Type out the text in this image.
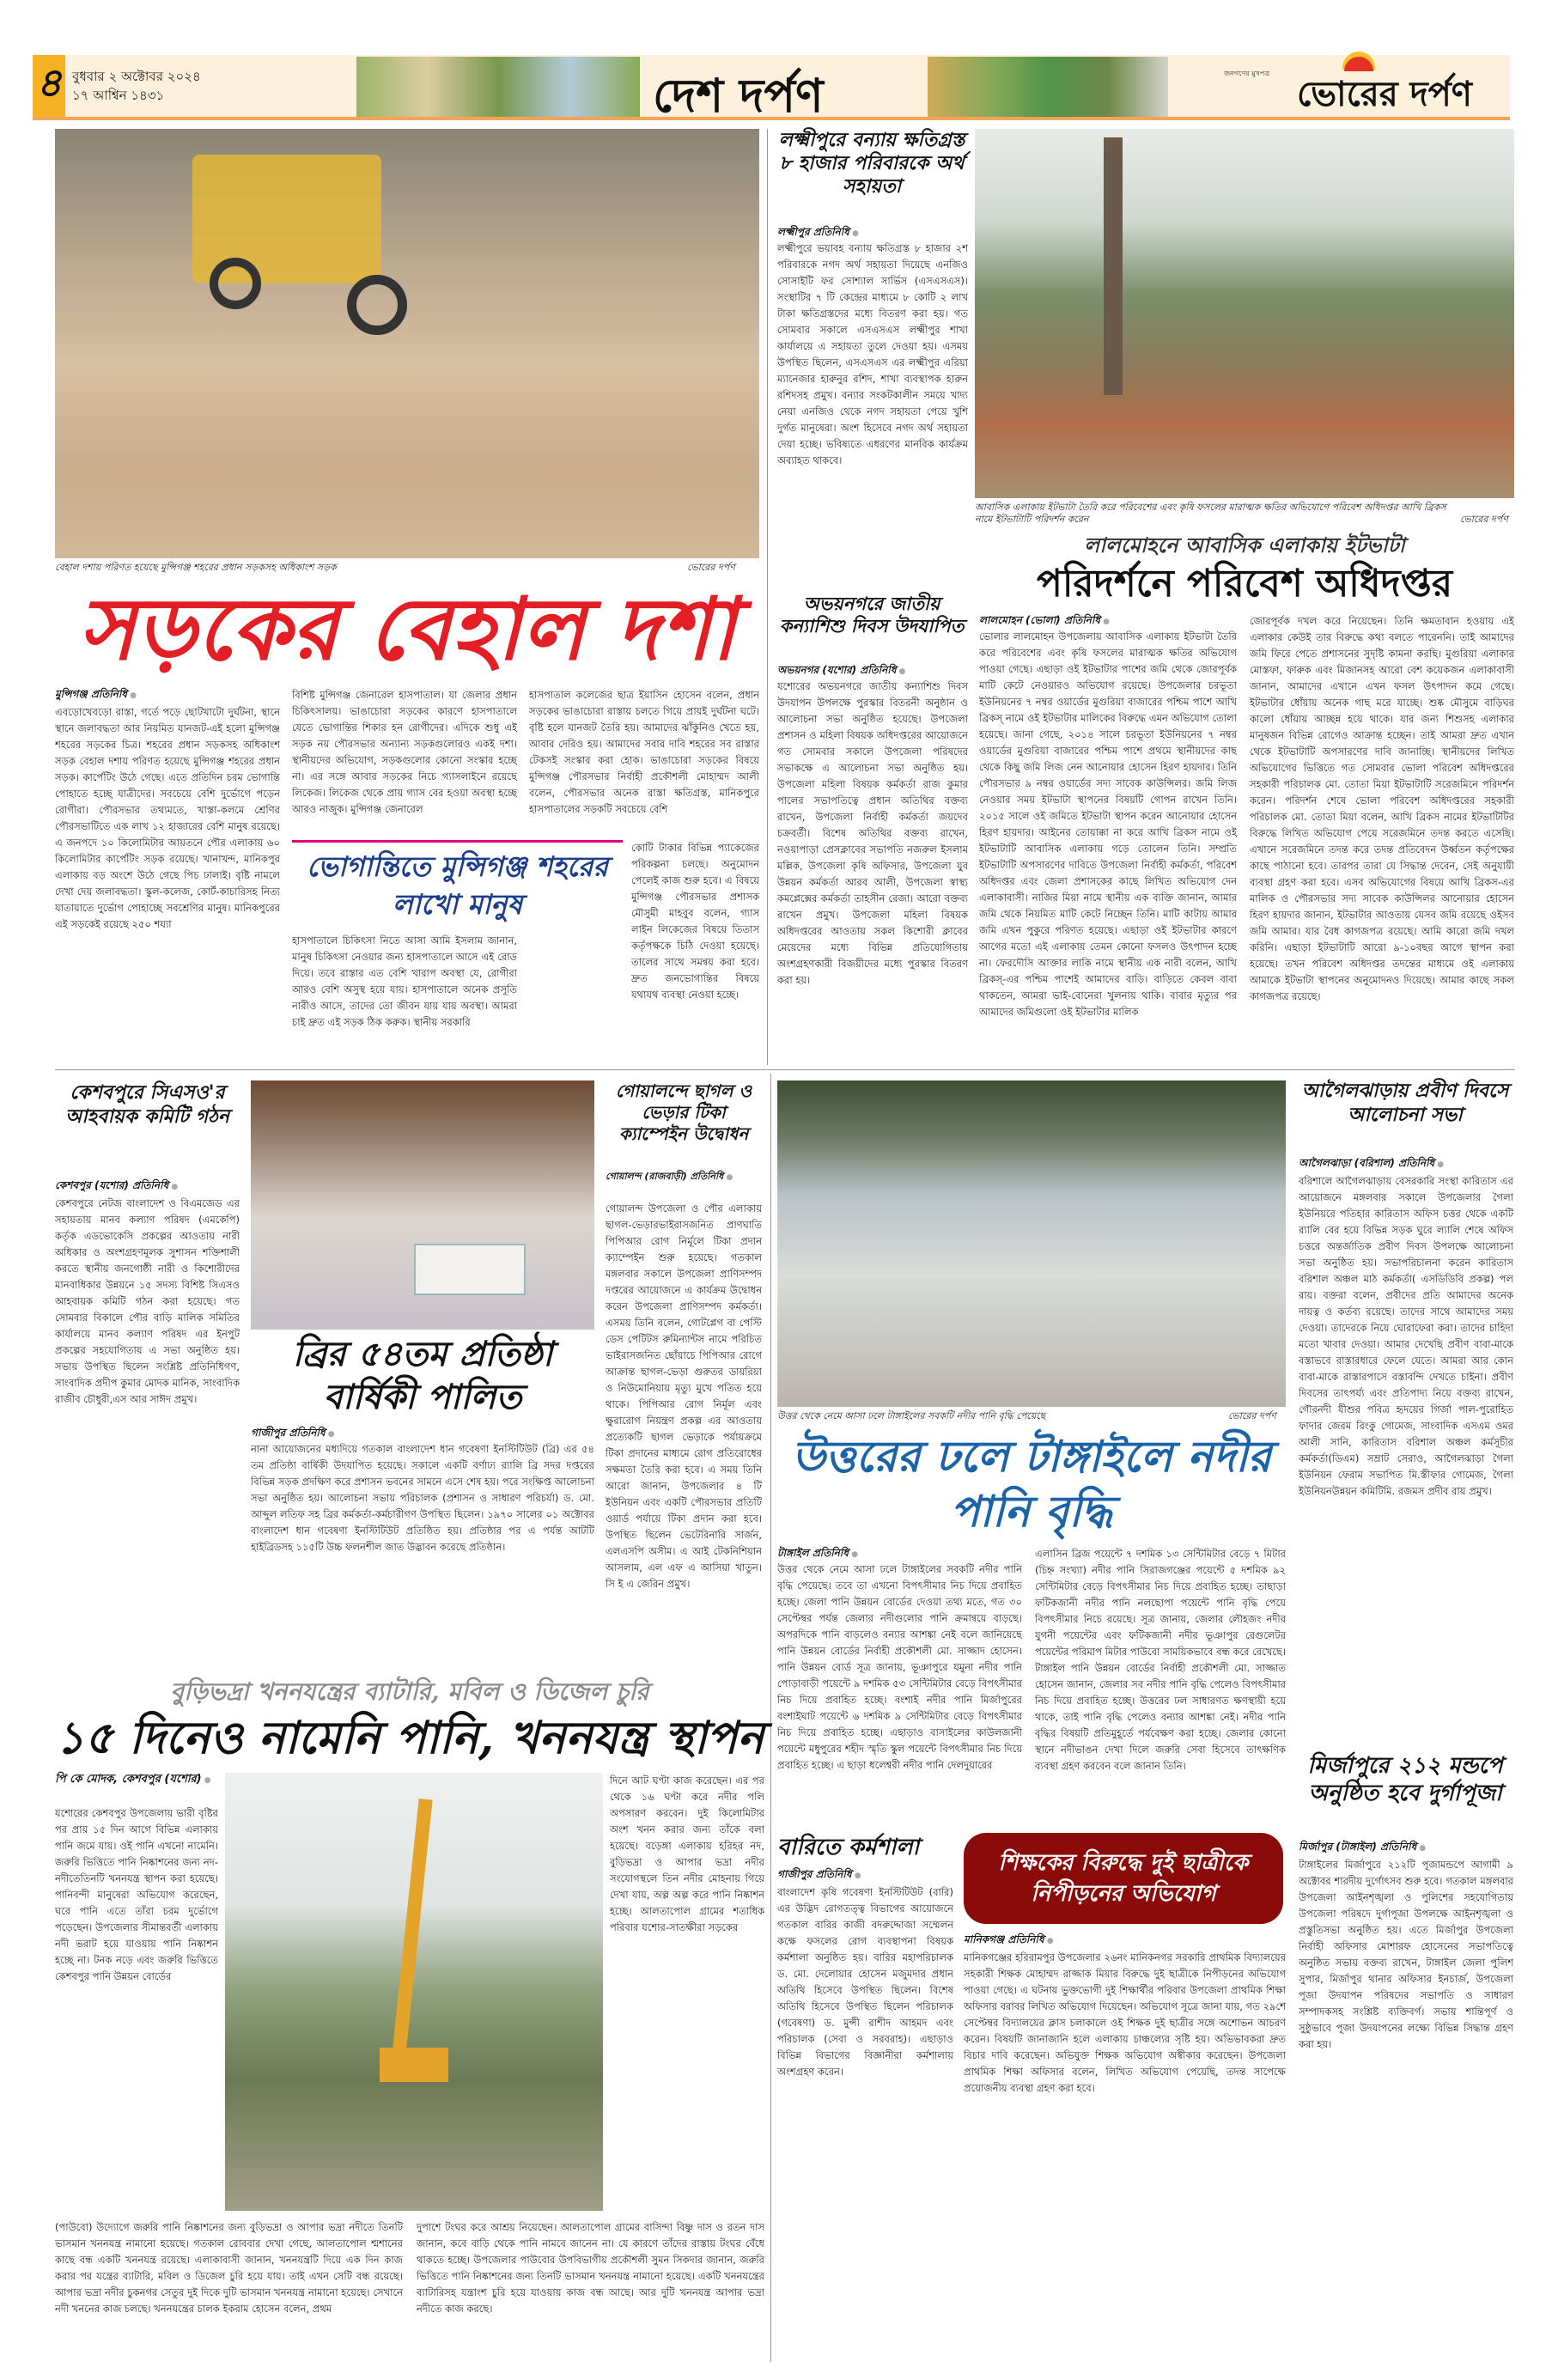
৪ বুধবার ২ অক্টোবর ২০২৪
১৭ আশ্বিন ১৪৩১	দেশ দর্পণ	জনগণের মুখপত্র
ভোরের দর্পণ
বেহাল দশায় পরিণত হয়েছে মুন্সিগঞ্জ শহরের প্রধান সড়কসহ অধিকাংশ সড়ক	ভোরের দর্পণ
সড়কের বেহাল দশা
মুন্সিগঞ্জ প্রতিনিধি ●
এবড়োখেবড়ো রাস্তা, গর্তে পড়ে ছোটখাটো দুর্ঘটনা, স্থানে স্থানে জলাবদ্ধতা আর নিয়মিত যানজট-এই হলো মুন্সিগঞ্জ শহরের সড়কের চিত্র। শহরের প্রধান সড়কসহ অধিকাংশ সড়ক বেহাল দশায় পরিণত হয়েছে মুন্সিগঞ্জ শহরের প্রধান সড়ক। কার্পেটিং উঠে গেছে। এতে প্রতিদিন চরম ভোগান্তি পোহাতে হচ্ছে যাত্রীদের। সবচেয়ে বেশি দুর্ভোগে পড়েন রোগীরা। পৌরসভার তথ্যমতে, খাস্তা-কলমে শ্রেণির পৌরসভাটিতে এক লাখ ১২ হাজারের বেশি মানুষ রয়েছে। এ জনপদে ১০ কিলোমিটার আয়তনে পৌর এলাকায় ৬০ কিলোমিটার কার্পেটিং সড়ক রয়েছে। খানাখন্দ, মানিকপুর এলাকায় বড় অংশে উঠে গেছে পিচ ঢালাই। বৃষ্টি নামলে দেখা দেয় জলাবদ্ধতা। স্কুল-কলেজ, কোর্ট-কাচারিসহ নিত্য যাতায়াতে দুর্ভোগ পোহাচ্ছে সবশ্রেণির মানুষ। মানিকপুরের এই সড়কেই রয়েছে ২৫০ শয্যা
বিশিষ্ট মুন্সিগঞ্জ জেনারেল হাসপাতাল। যা জেলার প্রধান চিকিৎসালয়। ভাঙাচোরা সড়কের কারণে হাসপাতালে যেতে ভোগান্তির শিকার হন রোগীদের। এদিকে শুধু এই সড়ক নয় পৌরসভার অন্যান্য সড়কগুলোরও একই দশা। স্থানীয়দের অভিযোগ, সড়কগুলোর কোনো সংস্কার হচ্ছে না। এর সঙ্গে আবার সড়কের নিচে গ্যাসলাইনে রয়েছে লিকেজ। লিকেজ থেকে প্রায় গ্যাস বের হওয়া অবস্থা হচ্ছে আরও নাজুক। মুন্সিগঞ্জ জেনারেল
হাসপাতাল কলেজের ছাত্র ইয়াসিন হোসেন বলেন, প্রধান সড়কের ভাঙাচোরা রাস্তায় চলতে গিয়ে প্রায়ই দুর্ঘটনা ঘটে। বৃষ্টি হলে যানজট তৈরি হয়। আমাদের ঝাঁকুনিও খেতে হয়, আবার দেরিও হয়। আমাদের সবার দাবি শহরের সব রাস্তার টেকসই সংস্কার করা হোক। ভাঙাচোরা সড়কের বিষয়ে মুন্সিগঞ্জ পৌরসভার নির্বাহী প্রকৌশলী মোহাম্মদ আলী বলেন, পৌরসভার অনেক রাস্তা ক্ষতিগ্রস্ত, মানিকপুরে হাসপাতালের সড়কটি সবচেয়ে বেশি
ভোগান্তিতে মুন্সিগঞ্জ শহরের লাখো মানুষ
হাসপাতালে চিকিৎসা নিতে আসা আমি ইসলাম জানান, মানুষ চিকিৎসা নেওয়ার জন্য হাসপাতালে আসে এই রোড দিয়ে। তবে রাস্তার এত বেশি খারাপ অবস্থা যে, রোগীরা আরও বেশি অসুস্থ হয়ে যায়। হাসপাতালে অনেক প্রসূতি নারীও আসে, তাদের তো জীবন যায় যায় অবস্থা। আমরা চাই দ্রুত এই সড়ক ঠিক করুক। স্থানীয় সরকারি
কোটি টাকার বিভিন্ন প্যাকেজের পরিকল্পনা চলছে। অনুমোদন পেলেই কাজ শুরু হবে। এ বিষয়ে মুন্সিগঞ্জ পৌরসভার প্রশাসক মৌসুমী মাহবুব বলেন, গ্যাস লাইন লিকেজের বিষয়ে তিতাস কর্তৃপক্ষকে চিঠি দেওয়া হয়েছে। তালের সাথে সমন্বয় করা হবে। দ্রুত জনভোগান্তির বিষয়ে যথাযথ ব্যবস্থা নেওয়া হচ্ছে।
লক্ষ্মীপুরে বন্যায় ক্ষতিগ্রস্ত ৮ হাজার পরিবারকে অর্থ সহায়তা
লক্ষ্মীপুর প্রতিনিধি ●
লক্ষ্মীপুরে ভয়াবহ বন্যায় ক্ষতিগ্রস্ত ৮ হাজার ২শ পরিবারকে নগদ অর্থ সহায়তা দিয়েছে এনজিও সোসাইটি ফর সোশ্যাল সার্ভিস (এসএসএস)। সংস্থাটির ৭ টি কেন্দ্রের মাধ্যমে ৮ কোটি ২ লাখ টাকা ক্ষতিগ্রস্তদের মধ্যে বিতরণ করা হয়। গত সোমবার সকালে এসএসএস লক্ষ্মীপুর শাখা কার্যালয়ে এ সহায়তা তুলে দেওয়া হয়। এসময় উপস্থিত ছিলেন, এসএসএস এর লক্ষ্মীপুর এরিয়া ম্যানেজার হারুনুর রশিদ, শাখা ব্যবস্থাপক হারুন রশিদসহ প্রমুখ। বন্যার সংকটকালীন সময়ে খাদ্য নেয়া এনজিও থেকে নগদ সহায়তা পেয়ে খুশি দুর্গত মানুষেরা। অংশ হিসেবে নগদ অর্থ সহায়তা দেয়া হচ্ছে। ভবিষ্যতে এধরণের মানবিক কার্যক্রম অব্যাহত থাকবে।
অভয়নগরে জাতীয় কন্যাশিশু দিবস উদযাপিত
অভয়নগর (যশোর) প্রতিনিধি ●
যশোরের অভয়নগরে জাতীয় কন্যাশিশু দিবস উদযাপন উপলক্ষে পুরস্কার বিতরনী অনুষ্ঠান ও আলোচনা সভা অনুষ্ঠিত হয়েছে। উপজেলা প্রশাসন ও মহিলা বিষয়ক অধিদপ্তরের আয়োজনে গত সোমবার সকালে উপজেলা পরিষদের সভাকক্ষে এ আলোচনা সভা অনুষ্ঠিত হয়। উপজেলা মহিলা বিষয়ক কর্মকর্তা রাজ কুমার পালের সভাপতিত্বে প্রধান অতিথির বক্তব্য রাখেন, উপজেলা নির্বাহী কর্মকর্তা জয়দেব চক্রবর্তী। বিশেষ অতিথির বক্তব্য রাখেন, নওয়াপাড়া প্রেসক্লাবের সভাপতি নজরুল ইসলাম মল্লিক, উপজেলা কৃষি অফিসার, উপজেলা যুব উন্নয়ন কর্মকর্তা আরব আলী, উপজেলা স্বাস্থ্য কমপ্লেক্সের কর্মকর্তা তাহসীন রেজা। আরো বক্তব্য রাখেন প্রমুখ। উপজেলা মহিলা বিষয়ক অধিদপ্তরের আওতায় সকল কিশোরী ক্লাবের মেয়েদের মধ্যে বিভিন্ন প্রতিযোগিতায় অংশগ্রহণকারী বিজয়ীদের মধ্যে পুরস্কার বিতরণ করা হয়।
আবাসিক এলাকায় ইটভাটা তৈরি করে পরিবেশের এবং কৃষি ফসলের মারাত্মক ক্ষতির অভিযোগে পরিবেশ অধিদপ্তর আখি ব্রিকস নামে ইটভাটাটি পরিদর্শন করেন	ভোরের দর্পণ
লালমোহনে আবাসিক এলাকায় ইটভাটা
পরিদর্শনে পরিবেশ অধিদপ্তর
লালমোহন (ভোলা) প্রতিনিধি ●
ভোলার লালমোহন উপজেলায় আবাসিক এলাকায় ইটভাটা তৈরি করে পরিবেশের এবং কৃষি ফসলের মারাত্মক ক্ষতির অভিযোগ পাওয়া গেছে। এছাড়া ওই ইটভাটার পাশের জমি থেকে জোরপূর্বক মাটি কেটে নেওয়ারও অভিযোগ রয়েছে। উপজেলার চরভূতা ইউনিয়নের ৭ নম্বর ওয়ার্ডের মুগুরিয়া বাজারের পশ্চিম পাশে আখি ব্রিকস্ নামে ওই ইটভাটার মালিকের বিরুদ্ধে এমন অভিযোগ তোলা হয়েছে। জানা গেছে, ২০১৪ সালে চরভূতা ইউনিয়নের ৭ নম্বর ওয়ার্ডের মুগুরিয়া বাজারের পশ্চিম পাশে প্রথমে স্থানীয়দের কাছ থেকে কিছু জমি লিজ নেন আনোয়ার হোসেন হিরণ হায়দার। তিনি পৌরসভার ৯ নম্বর ওয়ার্ডের সদ্য সাবেক কাউন্সিলর। জমি লিজ নেওয়ার সময় ইটভাটা স্থাপনের বিষয়টি গোপন রাখেন তিনি। ২০১৫ সালে ওই জমিতে ইটভাটা স্থাপন করেন আনোয়ার হোসেন হিরণ হায়দার। আইনের তোয়াক্কা না করে আখি ব্রিকস নামে ওই ইটভাটাটি আবাসিক এলাকায় গড়ে তোলেন তিনি। সম্প্রতি ইটভাটাটি অপসারণের দাবিতে উপজেলা নির্বাহী কর্মকর্তা, পরিবেশ অধিদপ্তর এবং জেলা প্রশাসকের কাছে লিখিত অভিযোগ দেন এলাকাবাসী। নাজির মিয়া নামে স্থানীয় এক ব্যক্তি জানান, আমার জমি থেকে নিয়মিত মাটি কেটে নিচ্ছেন তিনি। মাটি কাটায় আমার জমি এখন পুকুরে পরিণত হয়েছে। এছাড়া ওই ইটভাটার কারণে আগের মতো এই এলাকায় তেমন কোনো ফসলও উৎপাদন হচ্ছে না। ফেরদৌসি আক্তার লাকি নামে স্থানীয় এক নারী বলেন, আখি ব্রিকস্-এর পশ্চিম পাশেই আমাদের বাড়ি। বাড়িতে কেবল বাবা থাকতেন, আমরা ভাই-বোনেরা খুলনায় থাকি। বাবার মৃত্যুর পর আমাদের জমিগুলো ওই ইটভাটার মালিক
জোরপূর্বক দখল করে নিয়েছেন। তিনি ক্ষমতাবান হওয়ায় এই এলাকার কেউই তার বিরুদ্ধে কথা বলতে পারেননি। তাই আমাদের জমি ফিরে পেতে প্রশাসনের সুদৃষ্টি কামনা করছি। মুগুরিয়া এলাকার মোস্তফা, ফারুক এবং মিজানসহ আরো বেশ কয়েকজন এলাকাবাসী জানান, আমাদের এখানে এখন ফসল উৎপাদন কমে গেছে। ইটভাটার ধোঁয়ায় অনেক গাছ মরে যাচ্ছে। শুষ্ক মৌসুমে বাড়িঘর কালো ধোঁয়ায় আচ্ছন্ন হয়ে থাকে। যার জন্য শিশুসহ এলাকার মানুষজন বিভিন্ন রোগেও আক্রান্ত হচ্ছেন। তাই আমরা দ্রুত এখান থেকে ইটভাটাটি অপসারণের দাবি জানাচ্ছি। স্থানীয়দের লিখিত অভিযোগের ভিত্তিতে গত সোমবার ভোলা পরিবেশ অধিদপ্তরের সহকারী পরিচালক মো. তোতা মিয়া ইটভাটাটি সরেজমিনে পরিদর্শন করেন। পরিদর্শন শেষে ভোলা পরিবেশ অধিদপ্তরের সহকারী পরিচালক মো. তোতা মিয়া বলেন, আখি ব্রিকস নামের ইটভাটিটির বিরুদ্ধে লিখিত অভিযোগ পেয়ে সরেজমিনে তদন্ত করতে এসেছি। এখানে সরেজমিনে তদন্ত করে তদন্ত প্রতিবেদন উর্ধ্বতন কর্তৃপক্ষের কাছে পাঠানো হবে। তারপর তারা যে সিদ্ধান্ত দেবেন, সেই অনুযায়ী ব্যবস্থা গ্রহণ করা হবে। এসব অভিযোগের বিষয়ে আখি ব্রিকস-এর মালিক ও পৌরসভার সদ্য সাবেক কাউন্সিলর আনোয়ার হোসেন হিরণ হায়দার জানান, ইটভাটার আওতায় যেসব জমি রয়েছে ওইসব জমি আমার। যার বৈধ কাগজপত্র রয়েছে। আমি কারো জমি দখল করিনি। এছাড়া ইটভাটাটি আরো ৯-১০বছর আগে স্থাপন করা হয়েছে। তখন পরিবেশ অধিদপ্তর তদন্তের মাধ্যমে ওই এলাকায় আমাকে ইটভাটা স্থাপনের অনুমোদনও দিয়েছে। আমার কাছে সকল কাগজপত্র রয়েছে।
কেশবপুরে সিএসও'র আহবায়ক কমিটি গঠন
কেশবপুর (যশোর) প্রতিনিধি ●
কেশবপুরে নেটজ বাংলাদেশ ও বিএমজেড এর সহায়তায় মানব কল্যাণ পরিষদ (এমকেপি) কর্তৃক এডভোকেসি প্রকল্পের আওতায় নারী অধিকার ও অংশগ্রহণমূলক সুশাসন শক্তিশালী করতে স্থানীয় জনগোষ্ঠী নারী ও কিশোরীদের মানবাধিকার উন্নয়নে ১৫ সদস্য বিশিষ্ট সিএসও আহবায়ক কমিটি গঠন করা হয়েছে। গত সোমবার বিকালে পৌর বাড়ি মালিক সমিতির কার্যালয়ে মানব কল্যাণ পরিষদ এর ইনপুট প্রকল্পের সহযোগিতায় এ সভা অনুষ্ঠিত হয়। সভায় উপস্থিত ছিলেন সংশ্লিষ্ট প্রতিনিধিগণ, সাংবাদিক প্রদীপ কুমার মোদক মানিক, সাংবাদিক রাজীব চৌধুরী,এস আর সাঈদ প্রমুখ।
ব্রির ৫৪তম প্রতিষ্ঠা বার্ষিকী পালিত
গাজীপুর প্রতিনিধি ●
নানা আয়োজনের মধ্যদিয়ে গতকাল বাংলাদেশ ধান গবেষণা ইনস্টিটিউট (ব্রি) এর ৫৪ তম প্রতিষ্ঠা বার্ষিকী উদযাপিত হয়েছে। সকালে একটি বর্ণাঢ্য র‌্যালি ব্রি সদর দপ্তরের বিভিন্ন সড়ক প্রদক্ষিণ করে প্রশাসন ভবনের সামনে এসে শেষ হয়। পরে সংক্ষিপ্ত আলোচনা সভা অনুষ্ঠিত হয়। আলোচনা সভায় পরিচালক (প্রশাসন ও সাধারণ পরিচর্যা) ড. মো. আব্দুল লতিফ সহ ব্রির কর্মকর্তা-কর্মচারীগণ উপস্থিত ছিলেন। ১৯৭০ সালের ০১ অক্টোবর বাংলাদেশ ধান গবেষণা ইনস্টিটিউট প্রতিষ্ঠিত হয়। প্রতিষ্ঠার পর এ পর্যন্ত আটটি হাইব্রিডসহ ১১৫টি উচ্চ ফলনশীল জাত উদ্ভাবন করেছে প্রতিষ্ঠান।
গোয়ালন্দে ছাগল ও ভেড়ার টিকা ক্যাম্পেইন উদ্বোধন
গোয়ালন্দ (রাজবাড়ী) প্রতিনিধি ●
গোয়ালন্দ উপজেলা ও পৌর এলাকায় ছাগল-ভেড়ারভাইরাসজনিত প্রাণঘাতি পিপিআর রোগ নির্মূলে টিকা প্রদান ক্যাম্পেইন শুরু হয়েছে। গতকাল মঙ্গলবার সকালে উপজেলা প্রাণিসম্পদ দপ্তরের আয়োজনে এ কার্যক্রম উদ্বোধন করেন উপজেলা প্রাণিসম্পদ কর্মকর্তা। এসময় তিনি বলেন, গোটপ্লেগ বা পেস্টি ডেস পেটিটস রুমিন্যান্টস নামে পরিচিত ভাইরাসজনিত ছোঁয়াচে পিপিআর রোগে আক্রান্ত ছাগল-ভেড়া গুরুতর ডায়রিয়া ও নিউমোনিয়ায় মৃত্যু মুখে পতিত হয়ে থাকে। পিপিআর রোগ নির্মূল এবং ক্ষুরারোগ নিয়ন্ত্রণ প্রকল্প এর আওতায় প্রত্যেকটি ছাগল ভেড়াকে পর্যায়ক্রমে টিকা প্রদানের মাধ্যমে রোগ প্রতিরোধের সক্ষমতা তৈরি করা হবে। এ সময় তিনি আরো জানান, উপজেলার ৪ টি ইউনিয়ন এবং একটি পৌরসভার প্রতিটি ওয়ার্ড পর্যায়ে টিকা প্রদান করা হবে। উপস্থিত ছিলেন ভেটেরিনারি সার্জন, এলএসপি অসীম। এ আই টেকনিশিয়ান আসলাম, এল এফ এ আসিয়া খাতুন। সি ই এ জেরিন প্রমুখ।
উত্তর থেকে নেমে আসা ঢলে টাঙ্গাইলের সবকটি নদীর পানি বৃদ্ধি পেয়েছে	ভোরের দর্পণ
উত্তরের ঢলে টাঙ্গাইলে নদীর পানি বৃদ্ধি
টাঙ্গাইল প্রতিনিধি ●
উত্তর থেকে নেমে আসা ঢলে টাঙ্গাইলের সবকটি নদীর পানি বৃদ্ধি পেয়েছে। তবে তা এখনো বিপৎসীমার নিচ দিয়ে প্রবাহিত হচ্ছে। জেলা পানি উন্নয়ন বোর্ডের দেওয়া তথ্য মতে, গত ৩০ সেপ্টেম্বর পর্যন্ত জেলার নদীগুলোর পানি ক্রমান্বয়ে বাড়ছে। অপরদিকে পানি বাড়লেও বন্যার আশঙ্কা নেই বলে জানিয়েছে পানি উন্নয়ন বোর্ডের নির্বাহী প্রকৌশলী মো. সাজ্জাদ হোসেন। পানি উন্নয়ন বোর্ড সূত্র জানায়, ভূঞাপুরে যমুনা নদীর পানি পোড়াবাড়ী পয়েন্টে ৯ দশমিক ৫৩ সেন্টিমিটার বেড়ে বিপৎসীমার নিচ দিয়ে প্রবাহিত হচ্ছে। বংশাই নদীর পানি মির্জাপুরের বংশাইঘাট পয়েন্টে ৬ দশমিক ৯ সেন্টিমিটার বেড়ে বিপৎসীমার নিচ দিয়ে প্রবাহিত হচ্ছে। এছাড়াও বাসাইলের কাউলজানী পয়েন্টে মধুপুরের শহীদ স্মৃতি স্কুল পয়েন্টে বিপৎসীমার নিচ দিয়ে প্রবাহিত হচ্ছে। এ ছাড়া ধলেশ্বরী নদীর পানি দেলদুয়ারের
এলাসিন ব্রিজ পয়েন্টে ৭ দশমিক ১৩ সেন্টিমিটার বেড়ে ৭ মিটার (চিহ্ন সংখ্যা) নদীর পানি সিরাজগঞ্জের পয়েন্টে ৫ দশমিক ৯২ সেন্টিমিটার বেড়ে বিপৎসীমার নিচ দিয়ে প্রবাহিত হচ্ছে। তাছাড়া ফটিকজানী নদীর পানি নলছোপা পয়েন্টে পানি বৃদ্ধি পেয়ে বিপৎসীমার নিচে রয়েছে। সূত্র জানায়, জেলার লৌহজং নদীর যুগনী পয়েন্টের এবং ফটিকজানী নদীর ভূঞাপুর রেগুলেটর পয়েন্টের পরিমাপ মিটার পাউবো সাময়িকভাবে বন্ধ করে রেখেছে। টাঙ্গাইল পানি উন্নয়ন বোর্ডের নির্বাহী প্রকৌশলী মো. সাজ্জাত হোসেন জানান, জেলার সব নদীর পানি বৃদ্ধি পেলেও বিপৎসীমার নিচ দিয়ে প্রবাহিত হচ্ছে। উত্তরের ঢল সাধারণত ক্ষণস্থায়ী হয়ে থাকে, তাই পানি বৃদ্ধি পেলেও বন্যার আশঙ্কা নেই। নদীর পানি বৃদ্ধির বিষয়টি প্রতিমুহূর্তে পর্যবেক্ষণ করা হচ্ছে। জেলার কোনো স্থানে নদীভাঙন দেখা দিলে জরুরি সেবা হিসেবে তাৎক্ষণিক ব্যবস্থা গ্রহণ করবেন বলে জানান তিনি।
আগৈলঝাড়ায় প্রবীণ দিবসে আলোচনা সভা
আগৈলঝাড়া (বরিশাল) প্রতিনিধি ●
বরিশালে আগৈলঝাড়ায় বেসরকারি সংস্থা কারিতাস এর আয়োজনে মঙ্গলবার সকালে উপজেলার গৈলা ইউনিয়রে পতিহার কারিতাস অফিস চত্তর থেকে একটি র‌্যালি বের হয়ে বিভিন্ন সড়ক ঘুরে ল্যালি শেষে অফিস চত্তরে অন্তর্জাতিক প্রবীণ দিবস উপলক্ষে আলোচনা সভা অনুষ্ঠিত হয়। সভাপরিচালনা করেন কারিতাস বরিশাল অঞ্চল মাঠ কর্মকর্তা( এসডিডিবি প্রকল্প) পল রায়। বক্তরা বলেন, প্রবীদের প্রতি আমাদের অনেক দায়ত্ব ও কর্তব্য রয়েছে। তাদের সাথে আমাদের সময় দেওয়া। তাদেরকে নিয়ে ঘোরাফেরা করা। তাদের চাহিদা মতো খাবার দেওয়া। আমার দেখেছি প্রবীণ বাবা-মাকে বস্তাভবে রাস্তারধারে ফেলে যেতে। আমরা আর কোন বাবা-মাকে রাস্তারপাসে বস্তাবন্দি দেখতে চাইনা। প্রবীণ দিবসের তাৎপর্য্য এবং প্রতিপাদ্য নিয়ে বক্তব্য রাখেন, গৌরনদী যীশুর পবিত্র হৃদয়ের গির্জা পাল-পুরোহিত ফাদার জেরম রিংকু গোমেজ, সাংবাদিক এসএম ওমর আলী সানি, কারিতাস বরিশাল অঞ্চল কর্মসূচীর কর্মকর্তা(ডিএম) সম্রাট সেরাও, আগৈলঝাড়া গৈলা ইউনিয়ন ফেরাম সভাপিত মি.স্তীফার গোমেজ, গৈলা ইউনিয়নউন্নয়ন কমিটিমি. রজমস প্রদীব রায় প্রমুখ।
মির্জাপুরে ২১২ মন্ডপে অনুষ্ঠিত হবে দুর্গাপূজা
মির্জাপুর (টাঙ্গাইল) প্রতিনিধি ●
টাঙ্গাইলের মির্জাপুরে ২১২টি পূজামন্ডপে আগামী ৯ অক্টোবর শারদীয় দুর্গোৎসব শুরু হবে। গতকাল মঙ্গলবার উপজেলা আইনশৃঙ্খলা ও পুলিশের সহযোগিতায় উপজেলা পরিষদে দুর্গাপূজা উপলক্ষে আইনশৃঙ্খলা ও প্রস্তুতিসভা অনুষ্ঠিত হয়। এতে মির্জাপুর উপজেলা নির্বাহী অফিসার মোশারফ হোসেনের সভাপতিত্বে অনুষ্ঠিত সভায় বক্তব্য রাখেন, টাঙ্গাইল জেলা পুলিশ সুপার, মির্জাপুর থানার অফিসার ইনচার্জ, উপজেলা পূজা উদযাপন পরিষদের সভাপতি ও সাধারণ সম্পাদকসহ সংশ্লিষ্ট ব্যক্তিবর্গ। সভায় শান্তিপূর্ণ ও সুষ্ঠুভাবে পূজা উদযাপনের লক্ষ্যে বিভিন্ন সিদ্ধান্ত গ্রহণ করা হয়।
বারিতে কর্মশালা
গাজীপুর প্রতিনিধি ●
বাংলাদেশ কৃষি গবেষণা ইনস্টিটিউট (বারি) এর উদ্ভিদ রোগতত্ত্ব বিভাগের আয়োজনে গতকাল বারির কাজী বদরুদ্দোজা সম্মেলন কক্ষে ফসলের রোগ ব্যবস্থাপনা বিষয়ক কর্মশালা অনুষ্ঠিত হয়। বারির মহাপরিচালক ড. মো. দেলোয়ার হোসেন মজুমদার প্রধান অতিথি হিসেবে উপস্থিত ছিলেন। বিশেষ অতিথি হিসেবে উপস্থিত ছিলেন পরিচালক (গবেষণা) ড. মুন্সী রাশীদ আহমদ এবং পরিচালক (সেবা ও সরবরাহ)। এছাড়াও বিভিন্ন বিভাগের বিজ্ঞানীরা কর্মশালায় অংশগ্রহণ করেন।
শিক্ষকের বিরুদ্ধে দুই ছাত্রীকে নিপীড়নের অভিযোগ
মানিকগঞ্জ প্রতিনিধি ●
মানিকগঞ্জের হরিরামপুর উপজেলার ২৬নং মানিকনগর সরকারি প্রাথমিক বিদ্যালয়ের সহকারী শিক্ষক মোহাম্মদ রাজ্জাক মিয়ার বিরুদ্ধে দুই ছাত্রীকে নিপীড়নের অভিযোগ পাওয়া গেছে। এ ঘটনায় ভুক্তভোগী দুই শিক্ষার্থীর পরিবার উপজেলা প্রাথমিক শিক্ষা অফিসার বরাবর লিখিত অভিযোগ দিয়েছেন। অভিযোগ সূত্রে জানা যায়, গত ২৯শে সেপ্টেম্বর বিদ্যালয়ের ক্লাস চলাকালে ওই শিক্ষক দুই ছাত্রীর সঙ্গে অশোভন আচরণ করেন। বিষয়টি জানাজানি হলে এলাকায় চাঞ্চল্যের সৃষ্টি হয়। অভিভাবকরা দ্রুত বিচার দাবি করেছেন। অভিযুক্ত শিক্ষক অভিযোগ অস্বীকার করেছেন। উপজেলা প্রাথমিক শিক্ষা অফিসার বলেন, লিখিত অভিযোগ পেয়েছি, তদন্ত সাপেক্ষে প্রয়োজনীয় ব্যবস্থা গ্রহণ করা হবে।
বুড়িভদ্রা খননযন্ত্রের ব্যাটারি, মবিল ও ডিজেল চুরি
১৫ দিনেও নামেনি পানি, খননযন্ত্র স্থাপন
পি কে মোদক, কেশবপুর (যশোর) ●
যশোরের কেশবপুর উপজেলায় ভারী বৃষ্টির পর প্রায় ১৫ দিন আগে বিভিন্ন এলাকায় পানি জমে যায়। ওই পানি এখনো নামেনি। জরুরি ভিত্তিতে পানি নিষ্কাশনের জন্য নদ-নদীতেতিনটি খননযন্ত্র স্থাপন করা হয়েছে। পানিবন্দী মানুষেরা অভিযোগ করেছেন, ঘরে পানি এতে তাঁরা চরম দুর্ভোগে পড়েছেন। উপজেলার সীমান্তবর্তী এলাকায় নদী ভরাট হয়ে যাওয়ায় পানি নিষ্কাশন হচ্ছে না। টনক নড়ে এবং জরুরি ভিত্তিতে কেশবপুর পানি উন্নয়ন বোর্ডের
দিনে আট ঘণ্টা কাজ করেছেন। এর পর থেকে ১৬ ঘণ্টা করে নদীর পলি অপসারণ করবেন। দুই কিলোমিটার অংশ খনন করার জন্য তাঁকে বলা হয়েছে। বড়েঙ্গা এলাকায় হরিহর নদ, বুড়িভদ্রা ও আপার ভদ্রা নদীর সংযোগস্থলে তিন নদীর মোহনায় গিয়ে দেখা যায়, অল্প অল্প করে পানি নিষ্কাশন হচ্ছে। আলতাপোল গ্রামের শতাধিক পরিবার যশোর-সাতক্ষীরা সড়কের
(পাউবো) উদ্যোগে জরুরি পানি নিষ্কাশনের জন্য বুড়িভদ্রা ও আপার ভদ্রা নদীতে তিনটি ভাসমান খননযন্ত্র নামানো হয়েছে। গতকাল রোববার দেখা গেছে, আলতাপোল শ্মশানের কাছে বন্ধ একটি খননযন্ত্র রয়েছে। এলাকাবাসী জানান, খননযন্ত্রটি দিয়ে এক দিন কাজ করার পর যন্ত্রের ব্যাটারি, মবিল ও ডিজেল চুরি হয়ে যায়। তাই এখন সেটি বন্ধ রয়েছে। আপার ভদ্রা নদীর চুকনগর সেতুর দুই দিকে দুটি ভাসমান খননযন্ত্র নামানো হয়েছে। সেখানে নদী খননের কাজ চলছে। খননযন্ত্রের চালক ইকরাম হোসেন বলেন, প্রথম
দুপাশে টংঘর করে আশ্রয় নিয়েছেন। আলতাপোল গ্রামের বাসিন্দা বিষ্ণু দাস ও রতন দাস জানান, কবে বাড়ি থেকে পানি নামবে জানেন না। যে কারণে তাঁদের রাস্তায় টংঘর বেঁধে থাকতে হচ্ছে। উপজেলার পাউবোর উপবিভাগীয় প্রকৌশলী সুমন সিকদার জানান, জরুরি ভিত্তিতে পানি নিষ্কাশনের জন্য তিনটি ভাসমান খননযন্ত্র নামানো হয়েছে। একটি খননযন্ত্রের ব্যাটারিসহ যন্ত্রাংশ চুরি হয়ে যাওয়ায় কাজ বন্ধ আছে। আর দুটি খননযন্ত্র আপার ভদ্রা নদীতে কাজ করছে।
